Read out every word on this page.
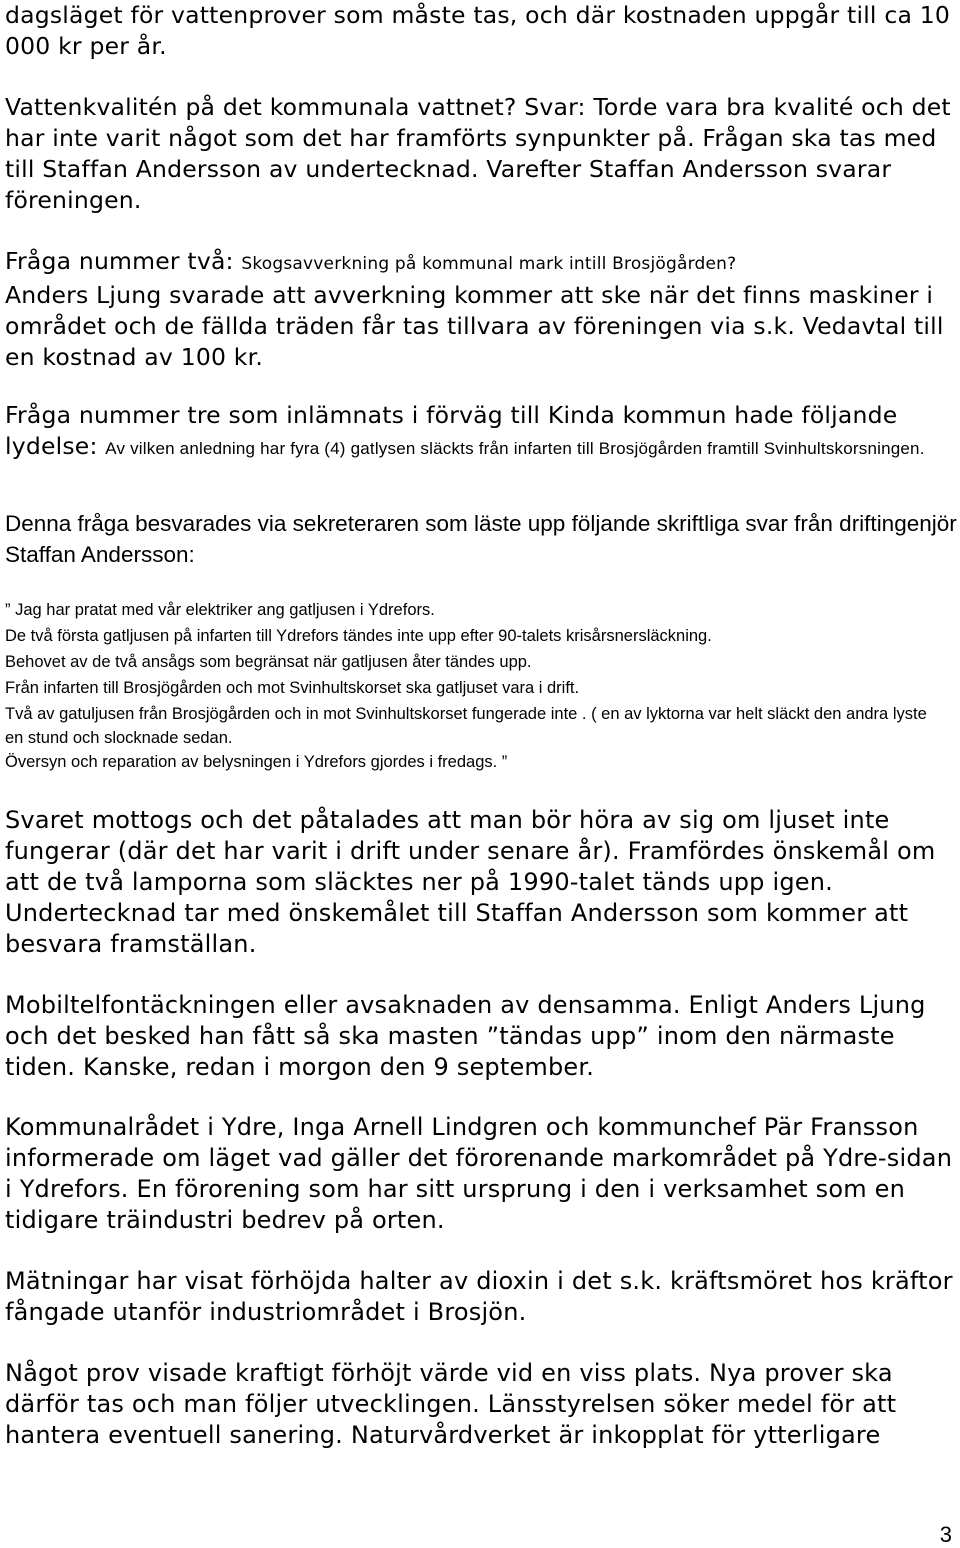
dagsläget för vattenprover som måste tas, och där kostnaden uppgår till ca 10 000 kr per år.

Vattenkvalitén på det kommunala vattnet? Svar: Torde vara bra kvalité och det har inte varit något som det har framförts synpunkter på. Frågan ska tas med till Staffan Andersson av undertecknad. Varefter Staffan Andersson svarar föreningen.

Fråga nummer två: Skogsavverkning på kommunal mark intill Brosjögården?
Anders Ljung svarade att avverkning kommer att ske när det finns maskiner i området och de fällda träden får tas tillvara av föreningen via s.k. Vedavtal till en kostnad av 100 kr.

Fråga nummer tre som inlämnats i förväg till Kinda kommun hade följande lydelse: Av vilken anledning har fyra (4) gatlysen släckts från infarten till Brosjögården framtill Svinhultskorsningen.

Denna fråga besvarades via sekreteraren som läste upp följande skriftliga svar från driftingenjör Staffan Andersson:

” Jag har pratat med vår elektriker ang gatljusen i Ydrefors.
De två första gatljusen på infarten till Ydrefors tändes inte upp efter 90-talets krisårsnersläckning.
Behovet av de två ansågs som begränsat när gatljusen åter tändes upp.
Från infarten till Brosjögården och mot Svinhultskorset ska gatljuset vara i drift.
Två av gatuljusen från Brosjögården och in mot Svinhultskorset fungerade inte . ( en av lyktorna var helt släckt den andra lyste en stund och slocknade sedan.
Översyn och reparation av belysningen i Ydrefors gjordes i fredags. ”

Svaret mottogs och det påtalades att man bör höra av sig om ljuset inte fungerar (där det har varit i drift under senare år). Framfördes önskemål om att de två lamporna som släcktes ner på 1990-talet tänds upp igen. Undertecknad tar med önskemålet till Staffan Andersson som kommer att besvara framställan.

Mobiltelfontäckningen eller avsaknaden av densamma. Enligt Anders Ljung och det besked han fått så ska masten ”tändas upp” inom den närmaste tiden. Kanske, redan i morgon den 9 september.

Kommunalrådet i Ydre, Inga Arnell Lindgren och kommunchef Pär Fransson informerade om läget vad gäller det förorenande markområdet på Ydre-sidan i Ydrefors. En förorening som har sitt ursprung i den i verksamhet som en tidigare träindustri bedrev på orten.

Mätningar har visat förhöjda halter av dioxin i det s.k. kräftsmöret hos kräftor fångade utanför industriområdet i Brosjön.

Något prov visade kraftigt förhöjt värde vid en viss plats. Nya prover ska därför tas och man följer utvecklingen. Länsstyrelsen söker medel för att hantera eventuell sanering. Naturvårdverket är inkopplat för ytterligare

3
